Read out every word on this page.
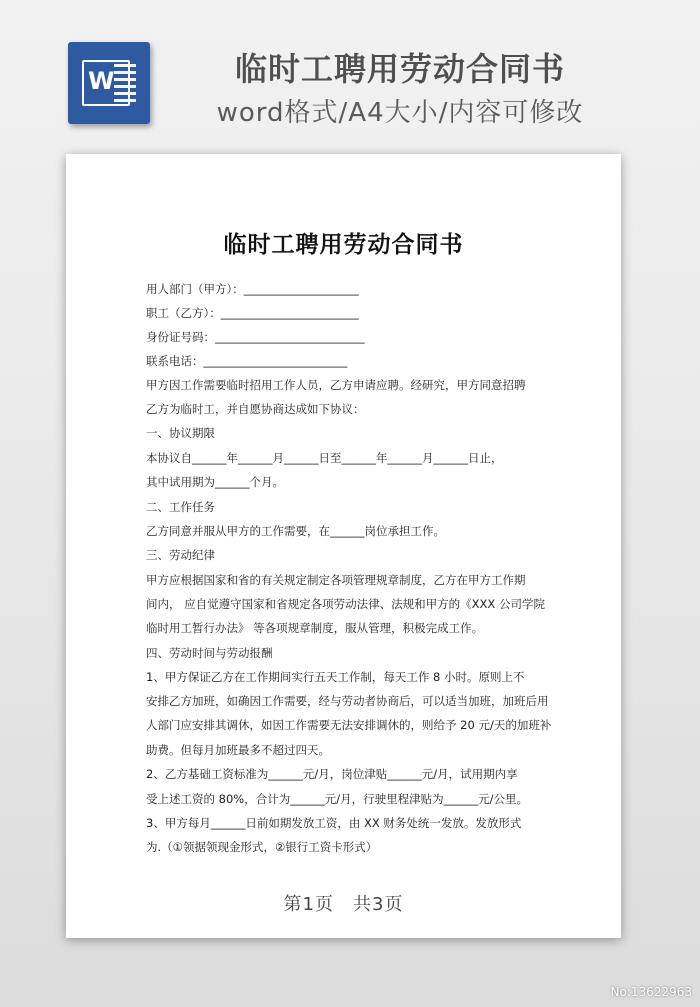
W	临时工聘用劳动合同书
word格式/A4大小/内容可修改
临时工聘用劳动合同书
用人部门（甲方）：____________________
职工（乙方）：________________________
身份证号码：__________________________
联系电话：_________________________
甲方因工作需要临时招用工作人员，乙方申请应聘。经研究，甲方同意招聘
乙方为临时工，并自愿协商达成如下协议：
一、协议期限
本协议自______年______月______日至______年______月______日止，
其中试用期为______个月。
二、工作任务
乙方同意并服从甲方的工作需要，在______岗位承担工作。
三、劳动纪律
甲方应根据国家和省的有关规定制定各项管理规章制度，乙方在甲方工作期
间内， 应自觉遵守国家和省规定各项劳动法律、法规和甲方的《XXX 公司学院
临时用工暂行办法》 等各项规章制度，服从管理，积极完成工作。
四、劳动时间与劳动报酬
1、甲方保证乙方在工作期间实行五天工作制，每天工作 8 小时。原则上不
安排乙方加班，如确因工作需要，经与劳动者协商后，可以适当加班，加班后用
人部门应安排其调休，如因工作需要无法安排调休的，则给予 20 元/天的加班补
助费。但每月加班最多不超过四天。
2、乙方基础工资标准为______元/月，岗位津贴______元/月，试用期内享
受上述工资的 80%，合计为______元/月，行驶里程津贴为______元/公里。
3、甲方每月______日前如期发放工资，由 XX 财务处统一发放。发放形式
为.（①领据领现金形式，②银行工资卡形式）
第1页　共3页
No:13622963
